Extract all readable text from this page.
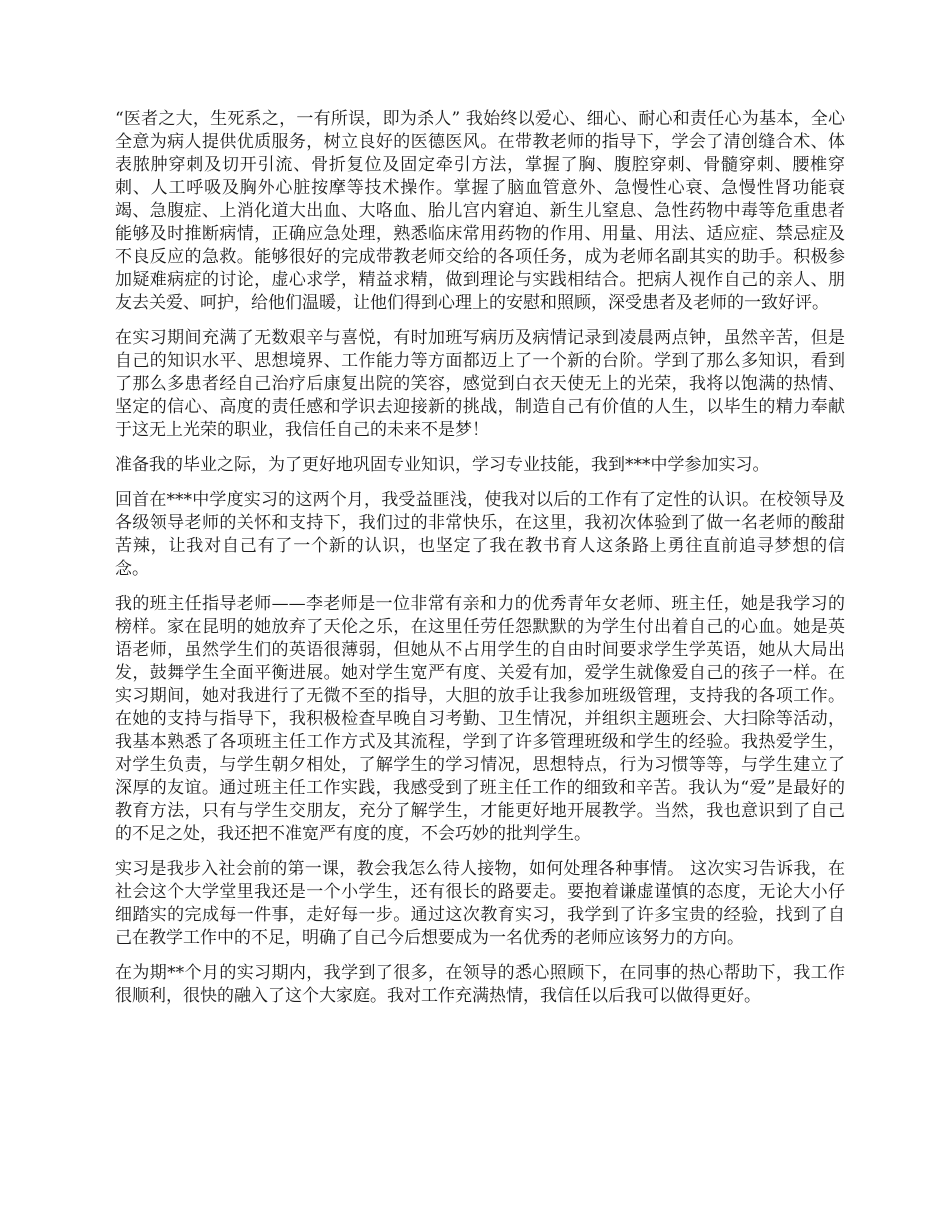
“医者之大，生死系之，一有所误，即为杀人” 我始终以爱心、细心、耐心和责任心为基本，全心全意为病人提供优质服务，树立良好的医德医风。在带教老师的指导下，学会了清创缝合术、体表脓肿穿刺及切开引流、骨折复位及固定牵引方法，掌握了胸、腹腔穿刺、骨髓穿刺、腰椎穿刺、人工呼吸及胸外心脏按摩等技术操作。掌握了脑血管意外、急慢性心衰、急慢性肾功能衰竭、急腹症、上消化道大出血、大咯血、胎儿宫内窘迫、新生儿窒息、急性药物中毒等危重患者能够及时推断病情，正确应急处理，熟悉临床常用药物的作用、用量、用法、适应症、禁忌症及不良反应的急救。能够很好的完成带教老师交给的各项任务，成为老师名副其实的助手。积极参加疑难病症的讨论，虚心求学，精益求精，做到理论与实践相结合。把病人视作自己的亲人、朋友去关爱、呵护，给他们温暖，让他们得到心理上的安慰和照顾，深受患者及老师的一致好评。

在实习期间充满了无数艰辛与喜悦，有时加班写病历及病情记录到凌晨两点钟，虽然辛苦，但是自己的知识水平、思想境界、工作能力等方面都迈上了一个新的台阶。学到了那么多知识，看到了那么多患者经自己治疗后康复出院的笑容，感觉到白衣天使无上的光荣，我将以饱满的热情、坚定的信心、高度的责任感和学识去迎接新的挑战，制造自己有价值的人生，以毕生的精力奉献于这无上光荣的职业，我信任自己的未来不是梦！

准备我的毕业之际，为了更好地巩固专业知识，学习专业技能，我到***中学参加实习。

回首在***中学度实习的这两个月，我受益匪浅，使我对以后的工作有了定性的认识。在校领导及各级领导老师的关怀和支持下，我们过的非常快乐，在这里，我初次体验到了做一名老师的酸甜苦辣，让我对自己有了一个新的认识，也坚定了我在教书育人这条路上勇往直前追寻梦想的信念。

我的班主任指导老师——李老师是一位非常有亲和力的优秀青年女老师、班主任，她是我学习的榜样。家在昆明的她放弃了天伦之乐，在这里任劳任怨默默的为学生付出着自己的心血。她是英语老师，虽然学生们的英语很薄弱，但她从不占用学生的自由时间要求学生学英语，她从大局出发，鼓舞学生全面平衡进展。她对学生宽严有度、关爱有加，爱学生就像爱自己的孩子一样。在实习期间，她对我进行了无微不至的指导，大胆的放手让我参加班级管理，支持我的各项工作。在她的支持与指导下，我积极检查早晚自习考勤、卫生情况，并组织主题班会、大扫除等活动，我基本熟悉了各项班主任工作方式及其流程，学到了许多管理班级和学生的经验。我热爱学生，对学生负责，与学生朝夕相处，了解学生的学习情况，思想特点，行为习惯等等，与学生建立了深厚的友谊。通过班主任工作实践，我感受到了班主任工作的细致和辛苦。我认为“爱”是最好的教育方法，只有与学生交朋友，充分了解学生，才能更好地开展教学。当然，我也意识到了自己的不足之处，我还把不准宽严有度的度，不会巧妙的批判学生。

实习是我步入社会前的第一课，教会我怎么待人接物，如何处理各种事情。 这次实习告诉我，在社会这个大学堂里我还是一个小学生，还有很长的路要走。要抱着谦虚谨慎的态度，无论大小仔细踏实的完成每一件事，走好每一步。通过这次教育实习，我学到了许多宝贵的经验，找到了自己在教学工作中的不足，明确了自己今后想要成为一名优秀的老师应该努力的方向。

在为期**个月的实习期内，我学到了很多，在领导的悉心照顾下，在同事的热心帮助下，我工作很顺利，很快的融入了这个大家庭。我对工作充满热情，我信任以后我可以做得更好。
